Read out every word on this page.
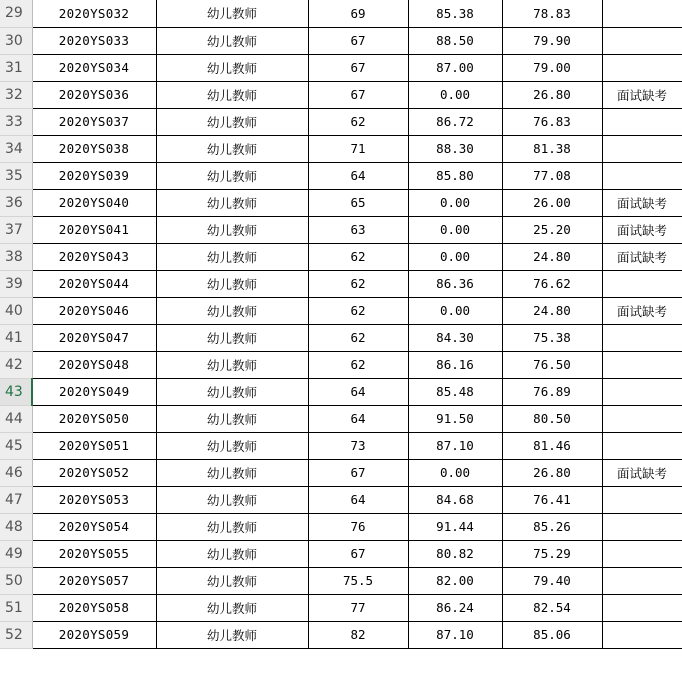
29	2020YS032	幼儿教师	69	85.38	78.83	
30	2020YS033	幼儿教师	67	88.50	79.90	
31	2020YS034	幼儿教师	67	87.00	79.00	
32	2020YS036	幼儿教师	67	0.00	26.80	面试缺考
33	2020YS037	幼儿教师	62	86.72	76.83	
34	2020YS038	幼儿教师	71	88.30	81.38	
35	2020YS039	幼儿教师	64	85.80	77.08	
36	2020YS040	幼儿教师	65	0.00	26.00	面试缺考
37	2020YS041	幼儿教师	63	0.00	25.20	面试缺考
38	2020YS043	幼儿教师	62	0.00	24.80	面试缺考
39	2020YS044	幼儿教师	62	86.36	76.62	
40	2020YS046	幼儿教师	62	0.00	24.80	面试缺考
41	2020YS047	幼儿教师	62	84.30	75.38	
42	2020YS048	幼儿教师	62	86.16	76.50	
43	2020YS049	幼儿教师	64	85.48	76.89	
44	2020YS050	幼儿教师	64	91.50	80.50	
45	2020YS051	幼儿教师	73	87.10	81.46	
46	2020YS052	幼儿教师	67	0.00	26.80	面试缺考
47	2020YS053	幼儿教师	64	84.68	76.41	
48	2020YS054	幼儿教师	76	91.44	85.26	
49	2020YS055	幼儿教师	67	80.82	75.29	
50	2020YS057	幼儿教师	75.5	82.00	79.40	
51	2020YS058	幼儿教师	77	86.24	82.54	
52	2020YS059	幼儿教师	82	87.10	85.06	
